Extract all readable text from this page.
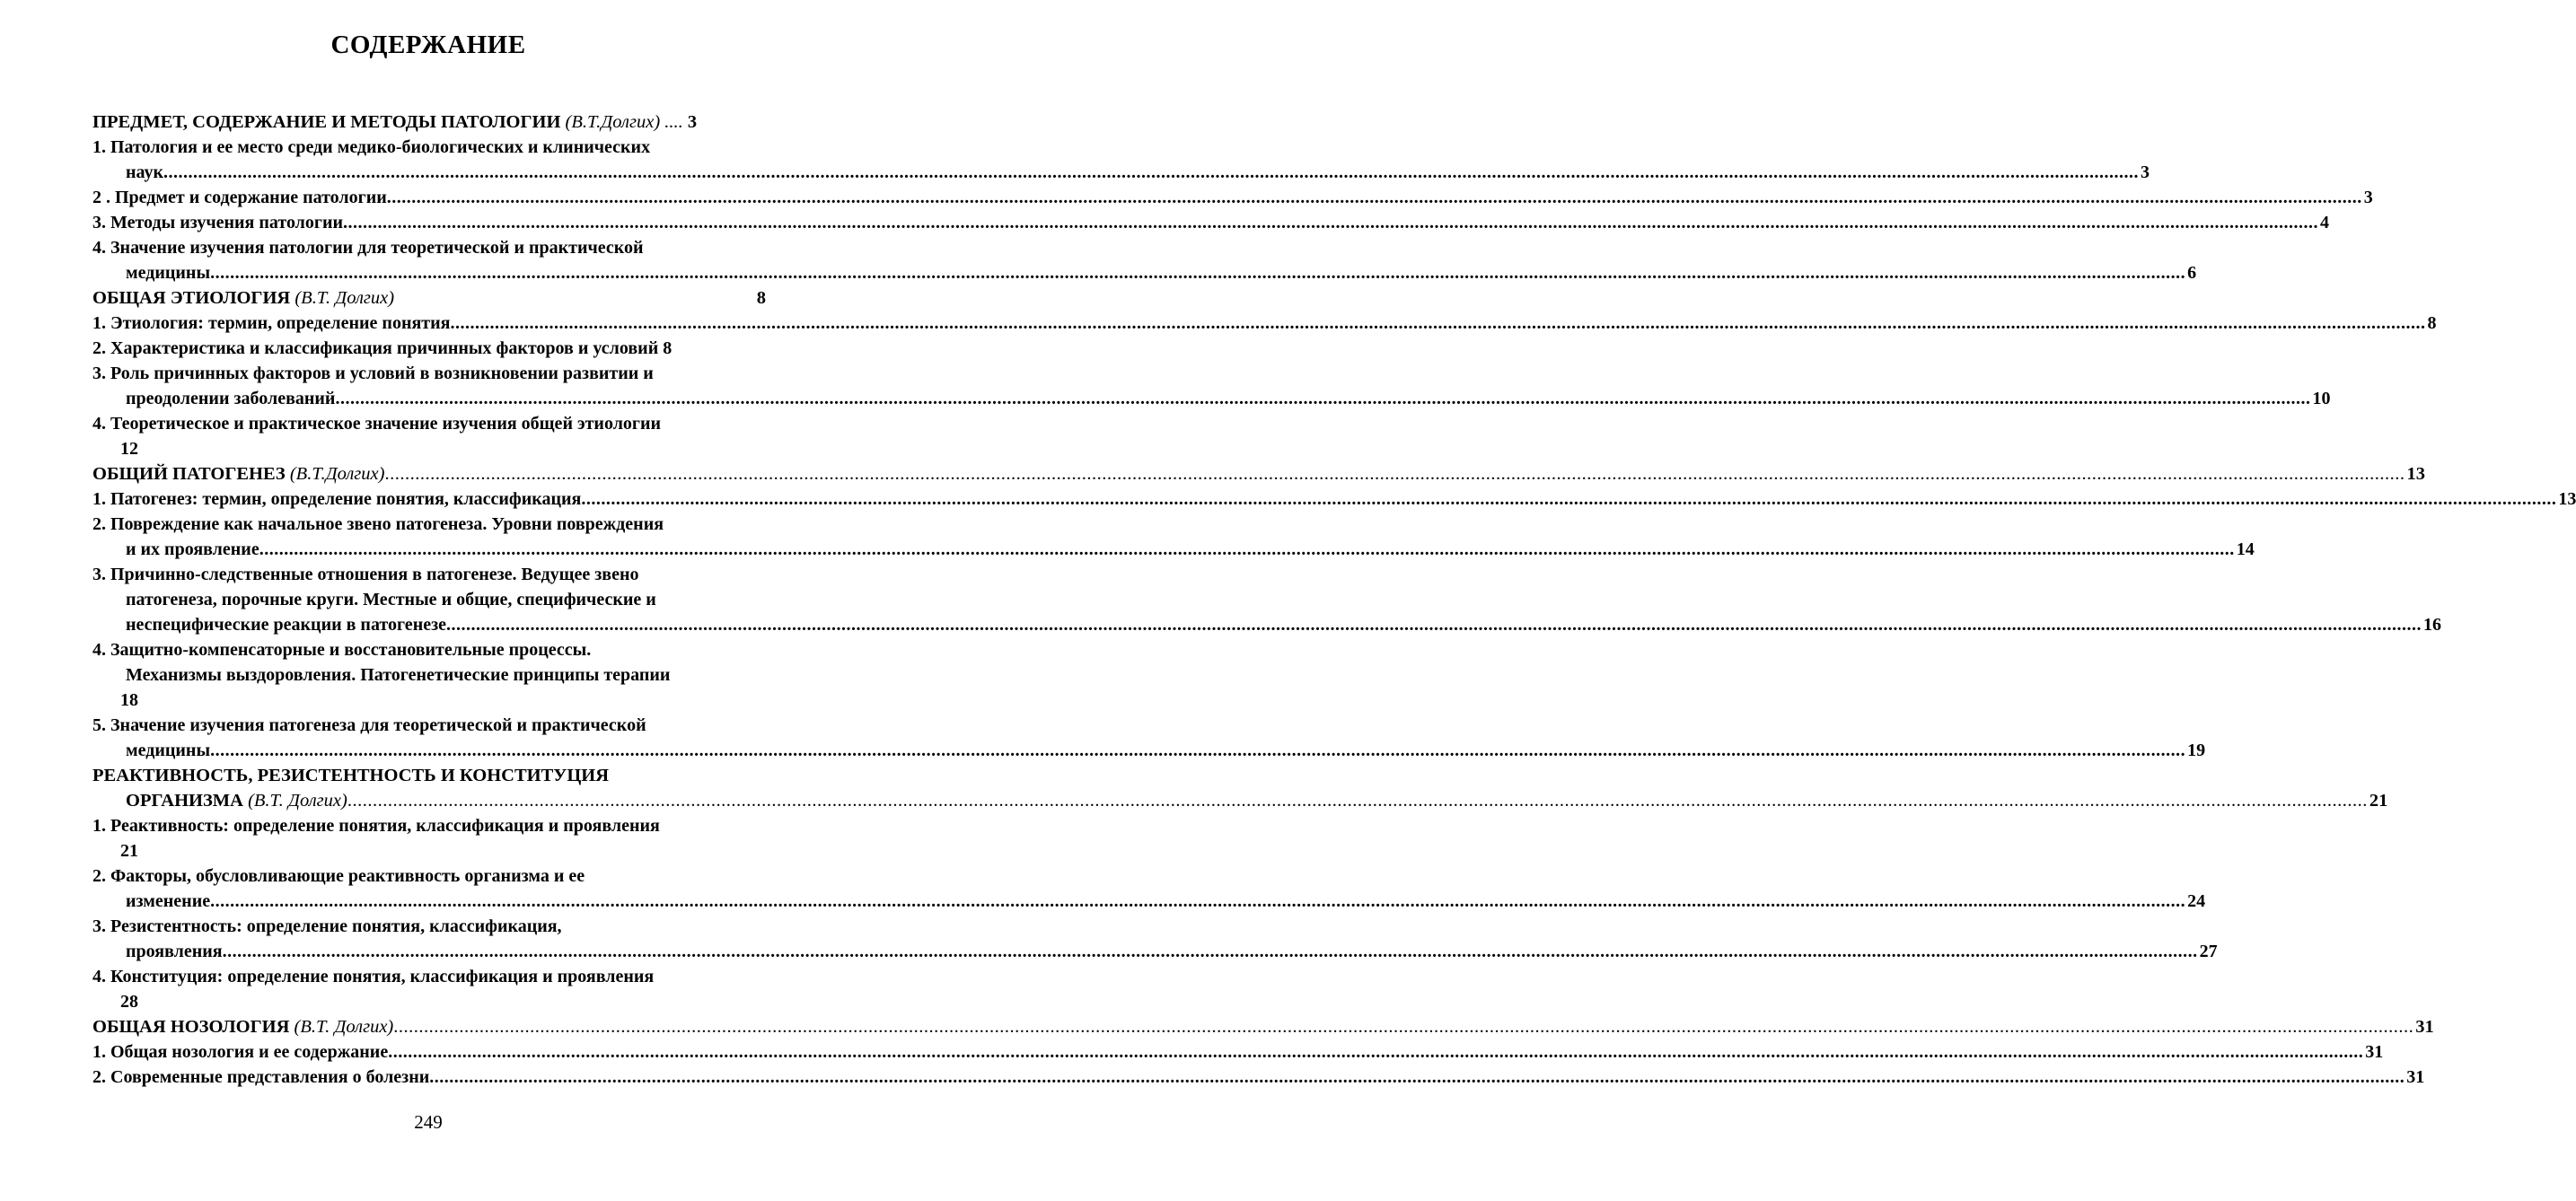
СОДЕРЖАНИЕ
ПРЕДМЕТ, СОДЕРЖАНИЕ И МЕТОДЫ ПАТОЛОГИИ (В.Т.Долгих) .... 3
1. Патология и ее место среди медико-биологических и клинических
наук ................................................................................................................................................................................................................................................................................................................................................................................................................ 3
2 . Предмет и содержание патологии ................................................................................................................................................................................................................................................................................................................................................................................................................ 3
3. Методы изучения патологии ................................................................................................................................................................................................................................................................................................................................................................................................................ 4
4. Значение изучения патологии для теоретической и практической
медицины ................................................................................................................................................................................................................................................................................................................................................................................................................ 6
ОБЩАЯ ЭТИОЛОГИЯ (В.Т. Долгих)	8
1. Этиология: термин, определение понятия ................................................................................................................................................................................................................................................................................................................................................................................................................ 8
2. Характеристика и классификация причинных факторов и условий 8
3. Роль причинных факторов и условий в возникновении развитии и
преодолении заболеваний ................................................................................................................................................................................................................................................................................................................................................................................................................ 10
4. Теоретическое и практическое значение изучения общей этиологии
12
ОБЩИЙ ПАТОГЕНЕЗ (В.Т.Долгих) ................................................................................................................................................................................................................................................................................................................................................................................................................ 13
1. Патогенез: термин, определение понятия, классификация ................................................................................................................................................................................................................................................................................................................................................................................................................ 13
2. Повреждение как начальное звено патогенеза. Уровни повреждения
и их проявление ................................................................................................................................................................................................................................................................................................................................................................................................................ 14
3. Причинно-следственные отношения в патогенезе. Ведущее звено
патогенеза, порочные круги. Местные и общие, специфические и
неспецифические реакции в патогенезе ................................................................................................................................................................................................................................................................................................................................................................................................................ 16
4. Защитно-компенсаторные и восстановительные процессы.
Механизмы выздоровления. Патогенетические принципы терапии
18
5. Значение изучения патогенеза для теоретической и практической
медицины ................................................................................................................................................................................................................................................................................................................................................................................................................ 19
РЕАКТИВНОСТЬ, РЕЗИСТЕНТНОСТЬ И КОНСТИТУЦИЯ
ОРГАНИЗМА (В.Т. Долгих) ................................................................................................................................................................................................................................................................................................................................................................................................................ 21
1. Реактивность: определение понятия, классификация и проявления
21
2. Факторы, обусловливающие реактивность организма и ее
изменение ................................................................................................................................................................................................................................................................................................................................................................................................................ 24
3. Резистентность: определение понятия, классификация,
проявления ................................................................................................................................................................................................................................................................................................................................................................................................................ 27
4. Конституция: определение понятия, классификация и проявления
28
ОБЩАЯ НОЗОЛОГИЯ (В.Т. Долгих) ................................................................................................................................................................................................................................................................................................................................................................................................................ 31
1. Общая нозология и ее содержание ................................................................................................................................................................................................................................................................................................................................................................................................................ 31
2. Современные представления о болезни ................................................................................................................................................................................................................................................................................................................................................................................................................ 31
249
